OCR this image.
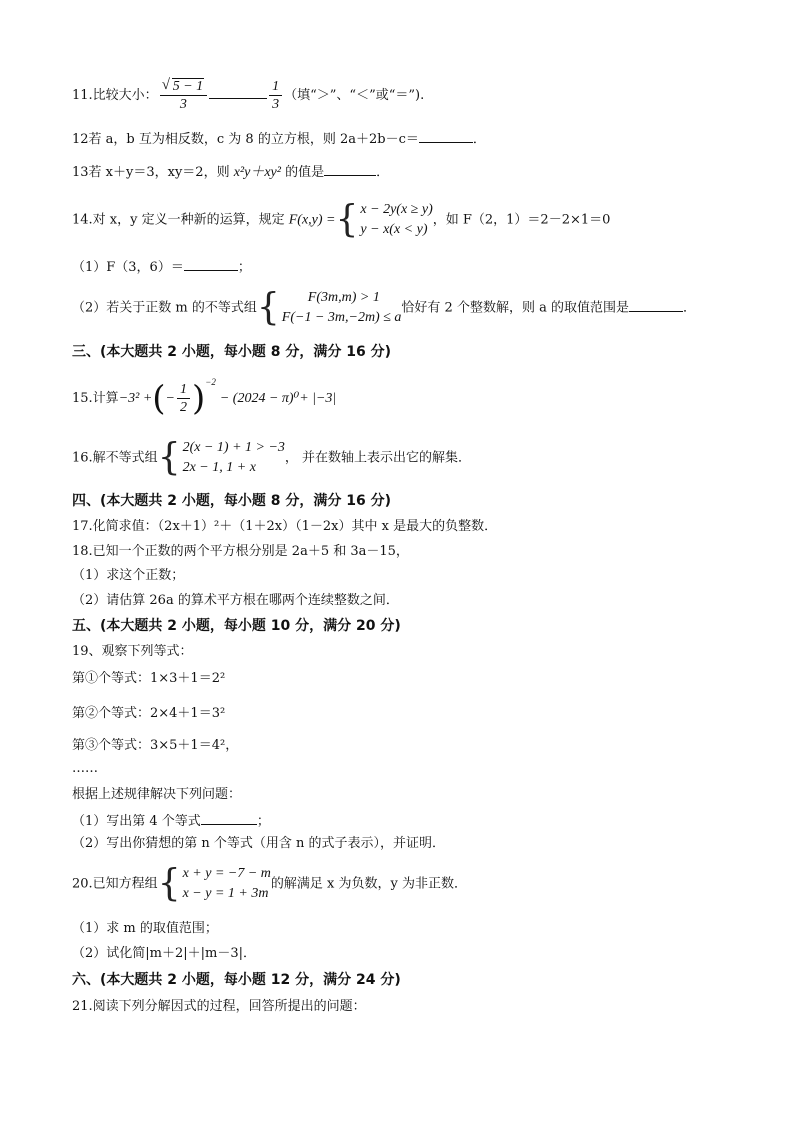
11.比较大小：
√ $\frac{5 - 1}{3}$	$\frac{1}{3}$ （填“＞”、“＜”或“＝”).
12若 a，b 互为相反数，c 为 8 的立方根，则 2a＋2b－c＝	．
13若 x＋y＝3，xy＝2，则 x²y＋xy² 的值是	．
14.对 x，y 定义一种新的运算，规定 F(x,y) = { x − 2y(x ≥ y)
y − x(x < y)
，如 F（2，1）＝2－2×1＝0
（1）F（3，6）＝	；
（2）若关于正数 m 的不等式组 {	F(3m,m) > 1
F(−1 − 3m,−2m) ≤ a
恰好有 2 个整数解，则 a 的取值范围是	．
三、(本大题共 2 小题，每小题 8 分，满分 16 分)
15.计算−3² +(− $\frac{1}{2} )^{-2}- (2024 - \pi)^0+ |-3|$
16.解不等式组 { 2(x − 1) + 1 > −3
2x − 1, 1 + x
， 并在数轴上表示出它的解集．
四、(本大题共 2 小题，每小题 8 分，满分 16 分)
17.化简求值：（2x＋1）²＋（1＋2x）（1－2x）其中 x 是最大的负整数．
18.已知一个正数的两个平方根分别是 2a＋5 和 3a－15，
（1）求这个正数；
（2）请估算 26a 的算术平方根在哪两个连续整数之间．
五、(本大题共 2 小题，每小题 10 分，满分 20 分)
19、观察下列等式：
第①个等式：1×3＋1＝2²
第②个等式：2×4＋1＝3²
第③个等式：3×5＋1＝4²，
……
根据上述规律解决下列问题：
（1）写出第 4 个等式	；
（2）写出你猜想的第 n 个等式（用含 n 的式子表示），并证明．
20.已知方程组 { x + y = −7 − m
x − y = 1 + 3m
的解满足 x 为负数，y 为非正数．
（1）求 m 的取值范围；
（2）试化简|m＋2|＋|m－3|．
六、(本大题共 2 小题，每小题 12 分，满分 24 分)
21.阅读下列分解因式的过程，回答所提出的问题：
